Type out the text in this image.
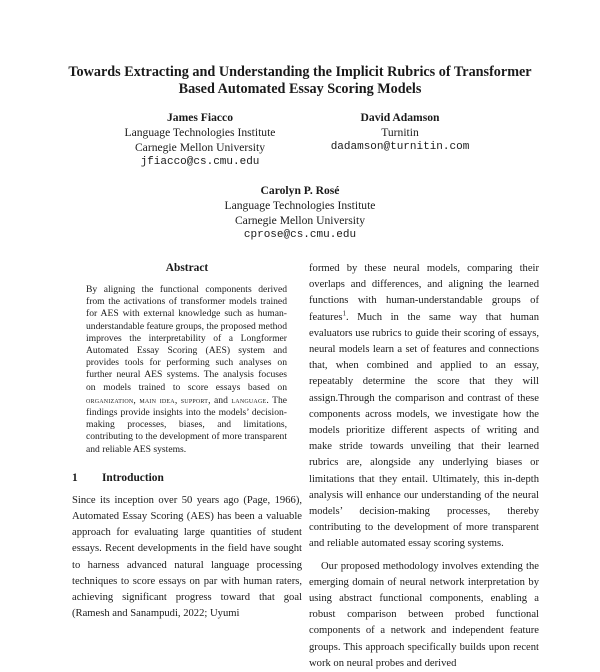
Towards Extracting and Understanding the Implicit Rubrics of Transformer Based Automated Essay Scoring Models
James Fiacco
Language Technologies Institute
Carnegie Mellon University
jfiacco@cs.cmu.edu
David Adamson
Turnitin
dadamson@turnitin.com
Carolyn P. Rosé
Language Technologies Institute
Carnegie Mellon University
cprose@cs.cmu.edu
Abstract
By aligning the functional components derived from the activations of transformer models trained for AES with external knowledge such as human-understandable feature groups, the proposed method improves the interpretability of a Longformer Automated Essay Scoring (AES) system and provides tools for performing such analyses on further neural AES systems. The analysis focuses on models trained to score essays based on organization, main idea, support, and language. The findings provide insights into the models’ decision-making processes, biases, and limitations, contributing to the development of more transparent and reliable AES systems.
1 Introduction

Since its inception over 50 years ago (Page, 1966), Automated Essay Scoring (AES) has been a valuable approach for evaluating large quantities of student essays. Recent developments in the field have sought to harness advanced natural language processing techniques to score essays on par with human raters, achieving significant progress toward that goal (Ramesh and Sanampudi, 2022; Uyumi

formed by these neural models, comparing their overlaps and differences, and aligning the learned functions with human-understandable groups of features$^1$. Much in the same way that human evaluators use rubrics to guide their scoring of essays, neural models learn a set of features and connections that, when combined and applied to an essay, repeatably determine the score that they will assign.Through the comparison and contrast of these components across models, we investigate how the models prioritize different aspects of writing and make stride towards unveiling that their learned rubrics are, alongside any underlying biases or limitations that they entail. Ultimately, this in-depth analysis will enhance our understanding of the neural models’ decision-making processes, thereby contributing to the development of more transparent and reliable automated essay scoring systems.

Our proposed methodology involves extending the emerging domain of neural network interpretation by using abstract functional components, enabling a robust comparison between probed functional components of a network and independent feature groups. This approach specifically builds upon recent work on neural probes and derived
